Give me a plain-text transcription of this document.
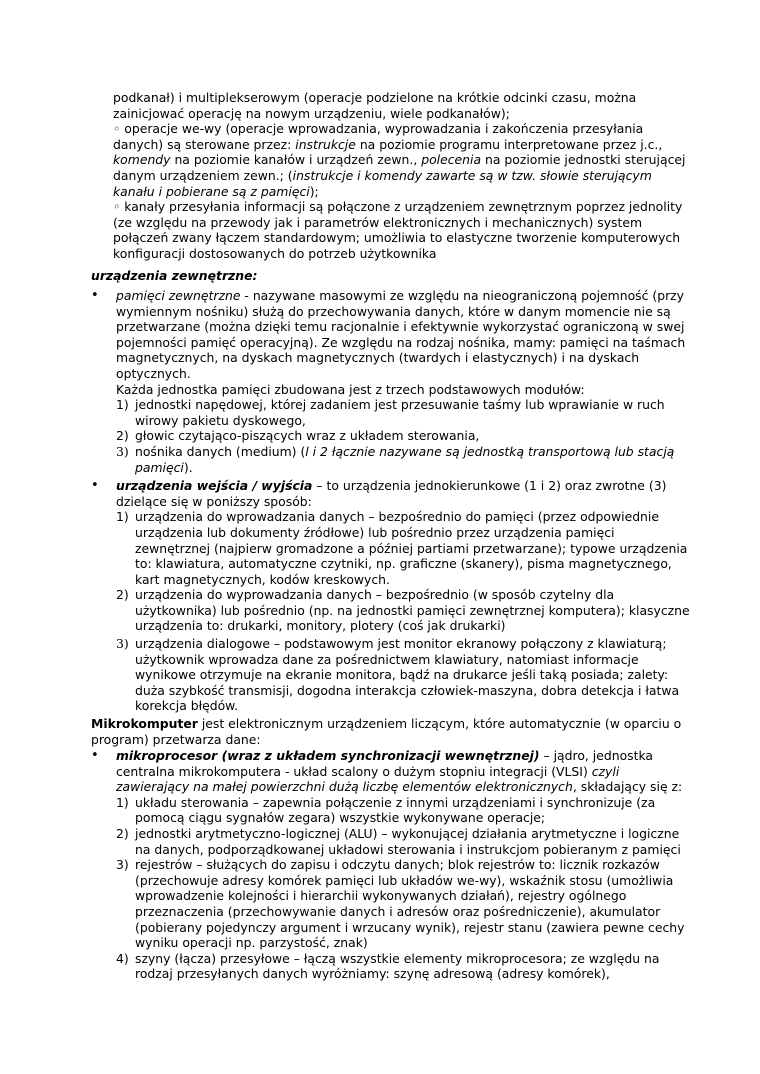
podkanał) i multiplekserowym (operacje podzielone na krótkie odcinki czasu, można zainicjować operację na nowym urządzeniu, wiele podkanałów);

◦ operacje we-wy (operacje wprowadzania, wyprowadzania i zakończenia przesyłania danych) są sterowane przez: instrukcje na poziomie programu interpretowane przez j.c., komendy na poziomie kanałów i urządzeń zewn., polecenia na poziomie jednostki sterującej danym urządzeniem zewn.; (instrukcje i komendy zawarte są w tzw. słowie sterującym kanału i pobierane są z pamięci);

◦ kanały przesyłania informacji są połączone z urządzeniem zewnętrznym poprzez jednolity (ze względu na przewody jak i parametrów elektronicznych i mechanicznych) system połączeń zwany łączem standardowym; umożliwia to elastyczne tworzenie komputerowych konfiguracji dostosowanych do potrzeb użytkownika

urządzenia zewnętrzne:
• pamięci zewnętrzne - nazywane masowymi ze względu na nieograniczoną pojemność (przy wymiennym nośniku) służą do przechowywania danych, które w danym momencie nie są przetwarzane (można dzięki temu racjonalnie i efektywnie wykorzystać ograniczoną w swej pojemności pamięć operacyjną). Ze względu na rodzaj nośnika, mamy: pamięci na taśmach magnetycznych, na dyskach magnetycznych (twardych i elastycznych) i na dyskach optycznych.

Każda jednostka pamięci zbudowana jest z trzech podstawowych modułów:

1) jednostki napędowej, której zadaniem jest przesuwanie taśmy lub wprawianie w ruch wirowy pakietu dyskowego,
2) głowic czytająco-piszących wraz z układem sterowania,
3) nośnika danych (medium) (l i 2 łącznie nazywane są jednostką transportową lub stacją pamięci).
• urządzenia wejścia / wyjścia – to urządzenia jednokierunkowe (1 i 2) oraz zwrotne (3) dzielące się w poniższy sposób:

1) urządzenia do wprowadzania danych – bezpośrednio do pamięci (przez odpowiednie urządzenia lub dokumenty źródłowe) lub pośrednio przez urządzenia pamięci zewnętrznej (najpierw gromadzone a później partiami przetwarzane); typowe urządzenia to: klawiatura, automatyczne czytniki, np. graficzne (skanery), pisma magnetycznego, kart magnetycznych, kodów kreskowych.
2) urządzenia do wyprowadzania danych – bezpośrednio (w sposób czytelny dla użytkownika) lub pośrednio (np. na jednostki pamięci zewnętrznej komputera); klasyczne urządzenia to: drukarki, monitory, plotery (coś jak drukarki)
3) urządzenia dialogowe – podstawowym jest monitor ekranowy połączony z klawiaturą; użytkownik wprowadza dane za pośrednictwem klawiatury, natomiast informacje wynikowe otrzymuje na ekranie monitora, bądź na drukarce jeśli taką posiada; zalety: duża szybkość transmisji, dogodna interakcja człowiek-maszyna, dobra detekcja i łatwa korekcja błędów.

Mikrokomputer jest elektronicznym urządzeniem liczącym, które automatycznie (w oparciu o program) przetwarza dane:

• mikroprocesor (wraz z układem synchronizacji wewnętrznej) – jądro, jednostka centralna mikrokomputera - układ scalony o dużym stopniu integracji (VLSI) czyli zawierający na małej powierzchni dużą liczbę elementów elektronicznych, składający się z:

1) układu sterowania – zapewnia połączenie z innymi urządzeniami i synchronizuje (za pomocą ciągu sygnałów zegara) wszystkie wykonywane operacje;
2) jednostki arytmetyczno-logicznej (ALU) – wykonującej działania arytmetyczne i logiczne na danych, podporządkowanej układowi sterowania i instrukcjom pobieranym z pamięci
3) rejestrów – służących do zapisu i odczytu danych; blok rejestrów to: licznik rozkazów (przechowuje adresy komórek pamięci lub układów we-wy), wskaźnik stosu (umożliwia wprowadzenie kolejności i hierarchii wykonywanych działań), rejestry ogólnego przeznaczenia (przechowywanie danych i adresów oraz pośredniczenie), akumulator (pobierany pojedynczy argument i wrzucany wynik), rejestr stanu (zawiera pewne cechy wyniku operacji np. parzystość, znak)
4) szyny (łącza) przesyłowe – łączą wszystkie elementy mikroprocesora; ze względu na rodzaj przesyłanych danych wyróżniamy: szynę adresową (adresy komórek),
